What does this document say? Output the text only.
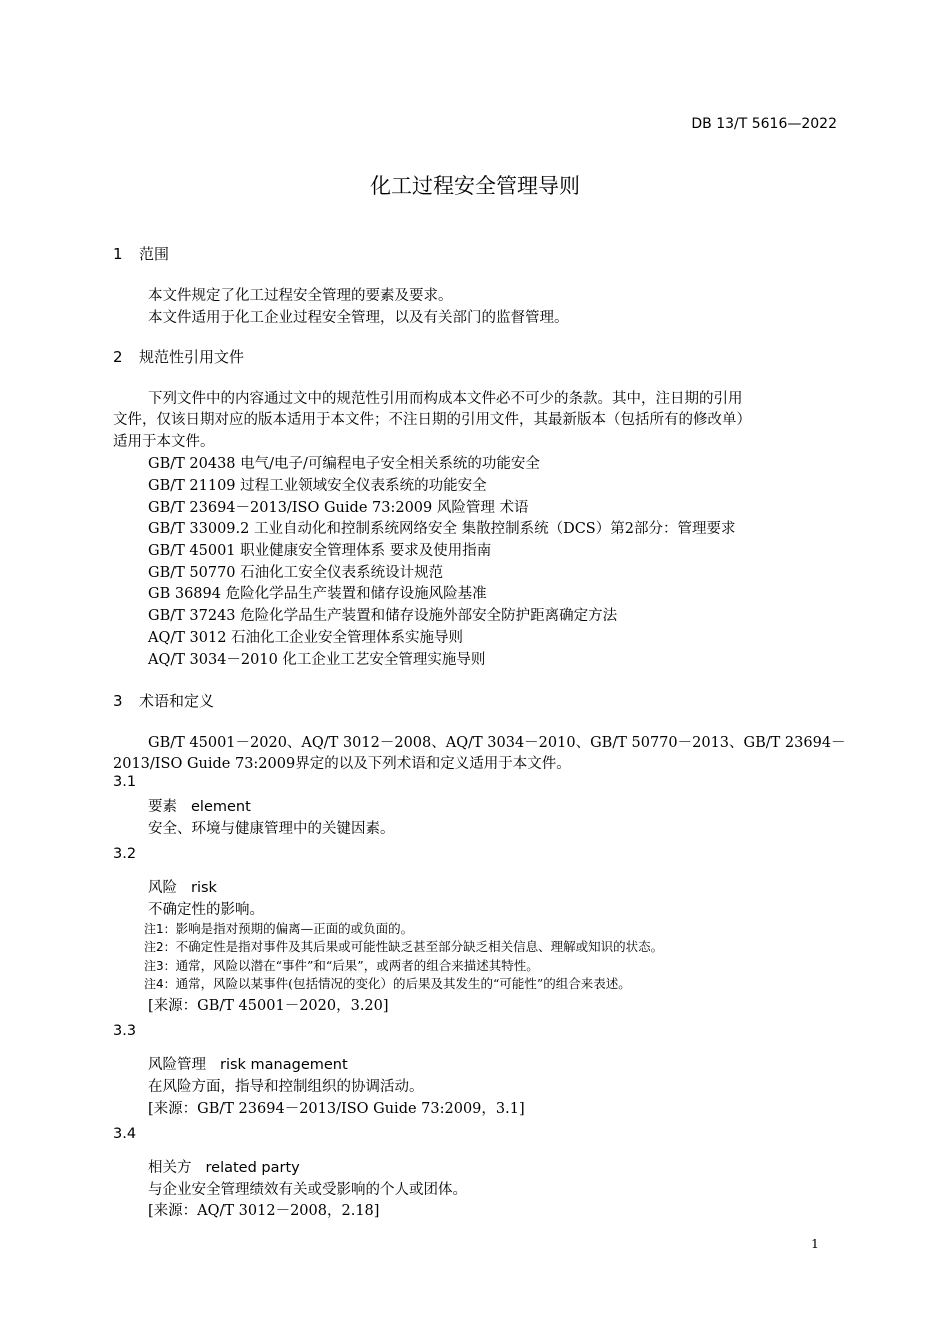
DB 13/T 5616—2022
化工过程安全管理导则
1 范围
本文件规定了化工过程安全管理的要素及要求。
本文件适用于化工企业过程安全管理，以及有关部门的监督管理。
2 规范性引用文件
下列文件中的内容通过文中的规范性引用而构成本文件必不可少的条款。其中，注日期的引用
文件，仅该日期对应的版本适用于本文件；不注日期的引用文件，其最新版本（包括所有的修改单）
适用于本文件。
GB/T 20438 电气/电子/可编程电子安全相关系统的功能安全
GB/T 21109 过程工业领域安全仪表系统的功能安全
GB/T 23694－2013/ISO Guide 73:2009 风险管理 术语
GB/T 33009.2 工业自动化和控制系统网络安全 集散控制系统（DCS）第2部分：管理要求
GB/T 45001 职业健康安全管理体系 要求及使用指南
GB/T 50770 石油化工安全仪表系统设计规范
GB 36894 危险化学品生产装置和储存设施风险基准
GB/T 37243 危险化学品生产装置和储存设施外部安全防护距离确定方法
AQ/T 3012 石油化工企业安全管理体系实施导则
AQ/T 3034－2010 化工企业工艺安全管理实施导则
3 术语和定义
GB/T 45001－2020、AQ/T 3012－2008、AQ/T 3034－2010、GB/T 50770－2013、GB/T 23694－
2013/ISO Guide 73:2009界定的以及下列术语和定义适用于本文件。
3.1
要素 element
安全、环境与健康管理中的关键因素。
3.2
风险 risk
不确定性的影响。
注1：影响是指对预期的偏离—正面的或负面的。
注2：不确定性是指对事件及其后果或可能性缺乏甚至部分缺乏相关信息、理解或知识的状态。
注3：通常，风险以潜在“事件”和“后果”，或两者的组合来描述其特性。
注4：通常，风险以某事件(包括情况的变化）的后果及其发生的“可能性”的组合来表述。
[来源：GB/T 45001－2020，3.20]
3.3
风险管理 risk management
在风险方面，指导和控制组织的协调活动。
[来源：GB/T 23694－2013/ISO Guide 73:2009，3.1]
3.4
相关方 related party
与企业安全管理绩效有关或受影响的个人或团体。
[来源：AQ/T 3012－2008，2.18]
1
